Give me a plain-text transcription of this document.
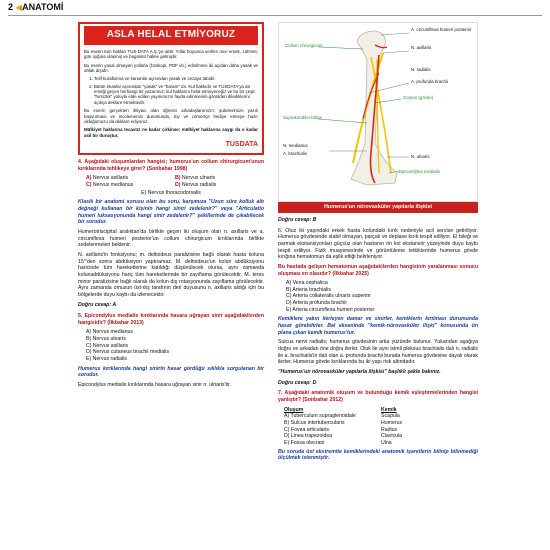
2 ◀ANATOMİ
ASLA HELAL ETMİYORUZ

Bu eserin tüm hakları TUS-DATA A.Ş.'ye aittir. Yıllar boyunca verilen nice emek, zahmet, gün ışığına ulaşmış ve bugünkü haline gelmiştir.

Bu eserin yasal olmayan yollarla (fotokopi, PDF vb.) edinilmesi iki açıdan daha yasak ve ahlak dışıdır.

1. Telif kurallarına ve kanunlar açısından yasak ve cezaya tabidir.
2. Bütün imanlar açısından "yasak" ve "haram" dır. Kul hakkıdır ve TUSDATA'ya da emeği geçen herhangi bir yazarımız; kul haklarını helal etmeyeceğiz ve bu bir çeşit "hırsızlık" yoluyla elde edilen yayınımızın fayda edinmesini gönülden dilediklerini açıkça deklare etmektedir.

Bu eserin gerçekten ihtiyacı olan öğrenci arkadaşlarımızın; şubelerimize yazılı başvurması ve incelememiz durumunda, tüy ve cömertçe hediye etmeye hazır olduğumuzu da deklare ediyoruz.

Mülkiyet haklarına tecavüz ne kadar çirkinse; mülkiyet haklarına saygı da o kadar asil bir duruştur.

TUSDATA

4. Aşağıdaki oluşumlardan hangisi; humerus'un collum chirurgicum'unun kırıklarında tehlikeye girer? (Sonbahar 1998)

A) Nervus axillaris	B) Nervus ulnaris
C) Nervus medianus	D) Nervus radialis
E) Nervus thoracodorsalis

Klasik bir anatomi sorusu olan bu soru, karşımıza "Uzun süre kolluk altı değneği kullanan bir kişinin hangi siniri zedelenir?" veya "Articulatio humeri luksasyonunda hangi sinir zedelenir?" şekillerinde de çıkabilecek bir sorudur.

Humerotriscipital aralıktan'da birlikte geçen iki oluşum olan n. axillaris ve a. circumflexa humeri posterior'un collum chirurgicum kırıklarında birlikte zedelenmeleri beklenir.

N. axillaris'in fonksiyonu; m. deltoideus paralizisine bağlı olarak hasta koluna 15°'den sonra abdüksiyon yaptıramaz. M. deltoideus'un kolun abdüksiyonu haricinde tüm hareketlerine katıldığı düşünülecek olursa, aynı zamanda kolunaddüksiyonu hariç tüm hareketlerinde bir zayıflama görülecektir. M. teres minor paralizisine bağlı olarak da kolun dış rotasyonunda zayıflama görülecektir. Aynı zamanda omuzun üst-dış tarafının deri duyusunu n. axillaris aldığı için bu bölgelerde duyu kaybı da izlenecektir.

Doğru cevap: A

5. Epicondylus medialis kırıklarında hasara uğrayan sinir aşağıdakilerden hangisidir? (İlkbahar 2013)

A) Nervus medianus
B) Nervus ulnaris
C) Nervus axillaris
D) Nervus cutaneus brachii medialis
E) Nervus radialis

Humerus kırıklarında hangi sinirin hasar gördüğü sıklıkla sorgulanan bir sorudur.

Epicondylus medialis kırıklarında hasara uğrayan sinir n. ulnaris'tir.

Collum chirurgicum
A. circumflexa humeri posterior
N. axillaris
N. radialis
A. profunda brachii
Corpus (gövde)
Suprakondiler bölge
N. medianus
A. brachialis
N. ulnaris
Epicondylus medialis
Humerus'un nörovasküler yapılarla ilişkisi
Doğru cevap: B

6. Otuz iki yaşındaki erkek hasta kolundaki kırık nedeniyle acil servise getiriliyor. Humerus gövdesinde stabil olmayan, parçalı ve deplase kırık tespit ediliyor. El bileği ve parmak ekstansiyonları güçsüz olan hastanın ön kol ekstansör yüzeyinde duyu kaybı tespit ediliyor. Fizik muayenesinde ve görüntüleme tetkiklerinde humerus gövde kırığına hematomun da eşlik ettiği belirleniyor.

Bu hastada gelişen hematomun aşağıdakilerden hangisinin yaralanması sonucu oluşması en olasıdır? (İlkbahar 2025)

A) Vena cephalica
B) Arteria brachialis
C) Arteria collateralis ulnaris superior
D) Arteria profunda brachii
E) Arteria circumflexa humeri posterior

Kemiklere yakın ilerleyen damar ve sinirler, kemiklerin kırılması durumunda hasar görebilirler. Bal ekseninde "kemik-nörovasküler ilişki" konusunda ön plana çıkan kemik humerus'tur.

Sulcus nervi radialis; humerus gövdesinin arka yüzünde bulunur. Yukarıdan aşağıya doğru ve arkadan öne doğru ilerler. Oluk ile aynı isimli pleksus brachialis dalı n. radialis ile a. brachialis'in dalı olan a. profunda brachii burada humerus gövdesine dayalı olarak ilerler. Humerus gövde kırıklarında bu iki yapı risk altındadır.

"Humerus'un nörovasküler yapılarla ilişkisi" başlıklı şekle bakınız.

Doğru cevap: D

7. Aşağıdaki anatomik oluşum ve bulunduğu kemik eşleştirmelerinden hangisi yanlıştır? (Sonbahar 2012)

Oluşum	Kemik
A) Tuberculum supraglenoidale	Scapula
B) Sulcus intertubercularis	Humerus
C) Fovea articularis	Radius
D) Linea trapezoidea	Clavicula
E) Fossa olecrani	Ulna

Bu soruda üst ekstremite kemiklerindeki anatomik işaretlerin bilinip bilinmediği ölçülmek istenmiştir.
